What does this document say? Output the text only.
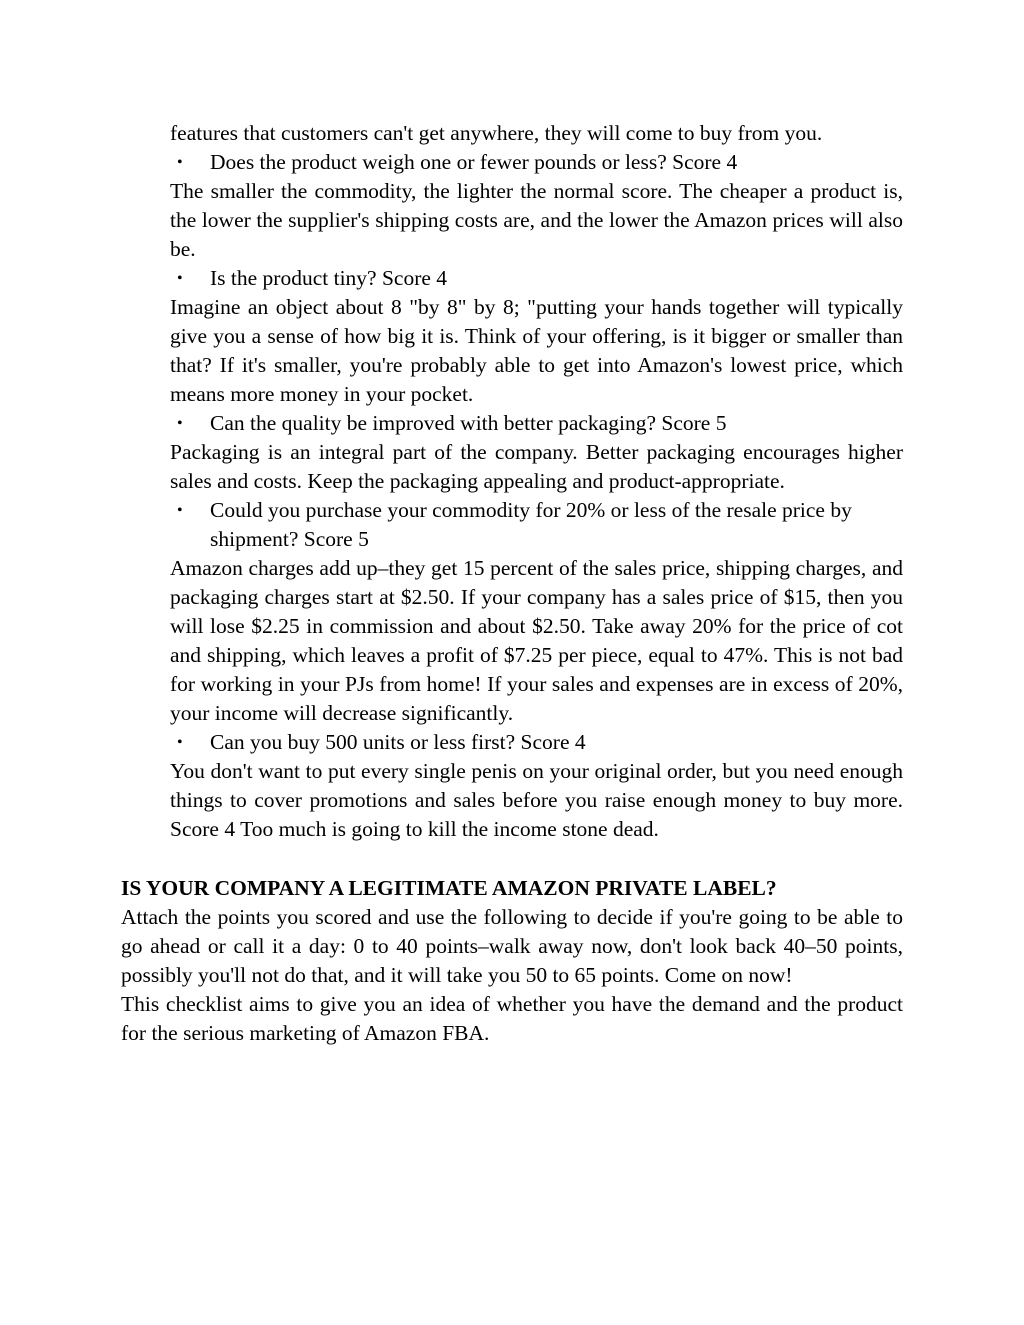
features that customers can't get anywhere, they will come to buy from you.

• Does the product weigh one or fewer pounds or less? Score 4

The smaller the commodity, the lighter the normal score. The cheaper a product is, the lower the supplier's shipping costs are, and the lower the Amazon prices will also be.

• Is the product tiny? Score 4

Imagine an object about 8 "by 8" by 8; "putting your hands together will typically give you a sense of how big it is. Think of your offering, is it bigger or smaller than that? If it's smaller, you're probably able to get into Amazon's lowest price, which means more money in your pocket.

• Can the quality be improved with better packaging? Score 5

Packaging is an integral part of the company. Better packaging encourages higher sales and costs. Keep the packaging appealing and product-appropriate.

• Could you purchase your commodity for 20% or less of the resale price by shipment? Score 5

Amazon charges add up–they get 15 percent of the sales price, shipping charges, and packaging charges start at $2.50. If your company has a sales price of $15, then you will lose $2.25 in commission and about $2.50. Take away 20% for the price of cot and shipping, which leaves a profit of $7.25 per piece, equal to 47%. This is not bad for working in your PJs from home! If your sales and expenses are in excess of 20%, your income will decrease significantly.

• Can you buy 500 units or less first? Score 4

You don't want to put every single penis on your original order, but you need enough things to cover promotions and sales before you raise enough money to buy more. Score 4 Too much is going to kill the income stone dead.

IS YOUR COMPANY A LEGITIMATE AMAZON PRIVATE LABEL?

Attach the points you scored and use the following to decide if you're going to be able to go ahead or call it a day: 0 to 40 points–walk away now, don't look back 40–50 points, possibly you'll not do that, and it will take you 50 to 65 points. Come on now!

This checklist aims to give you an idea of whether you have the demand and the product for the serious marketing of Amazon FBA.
